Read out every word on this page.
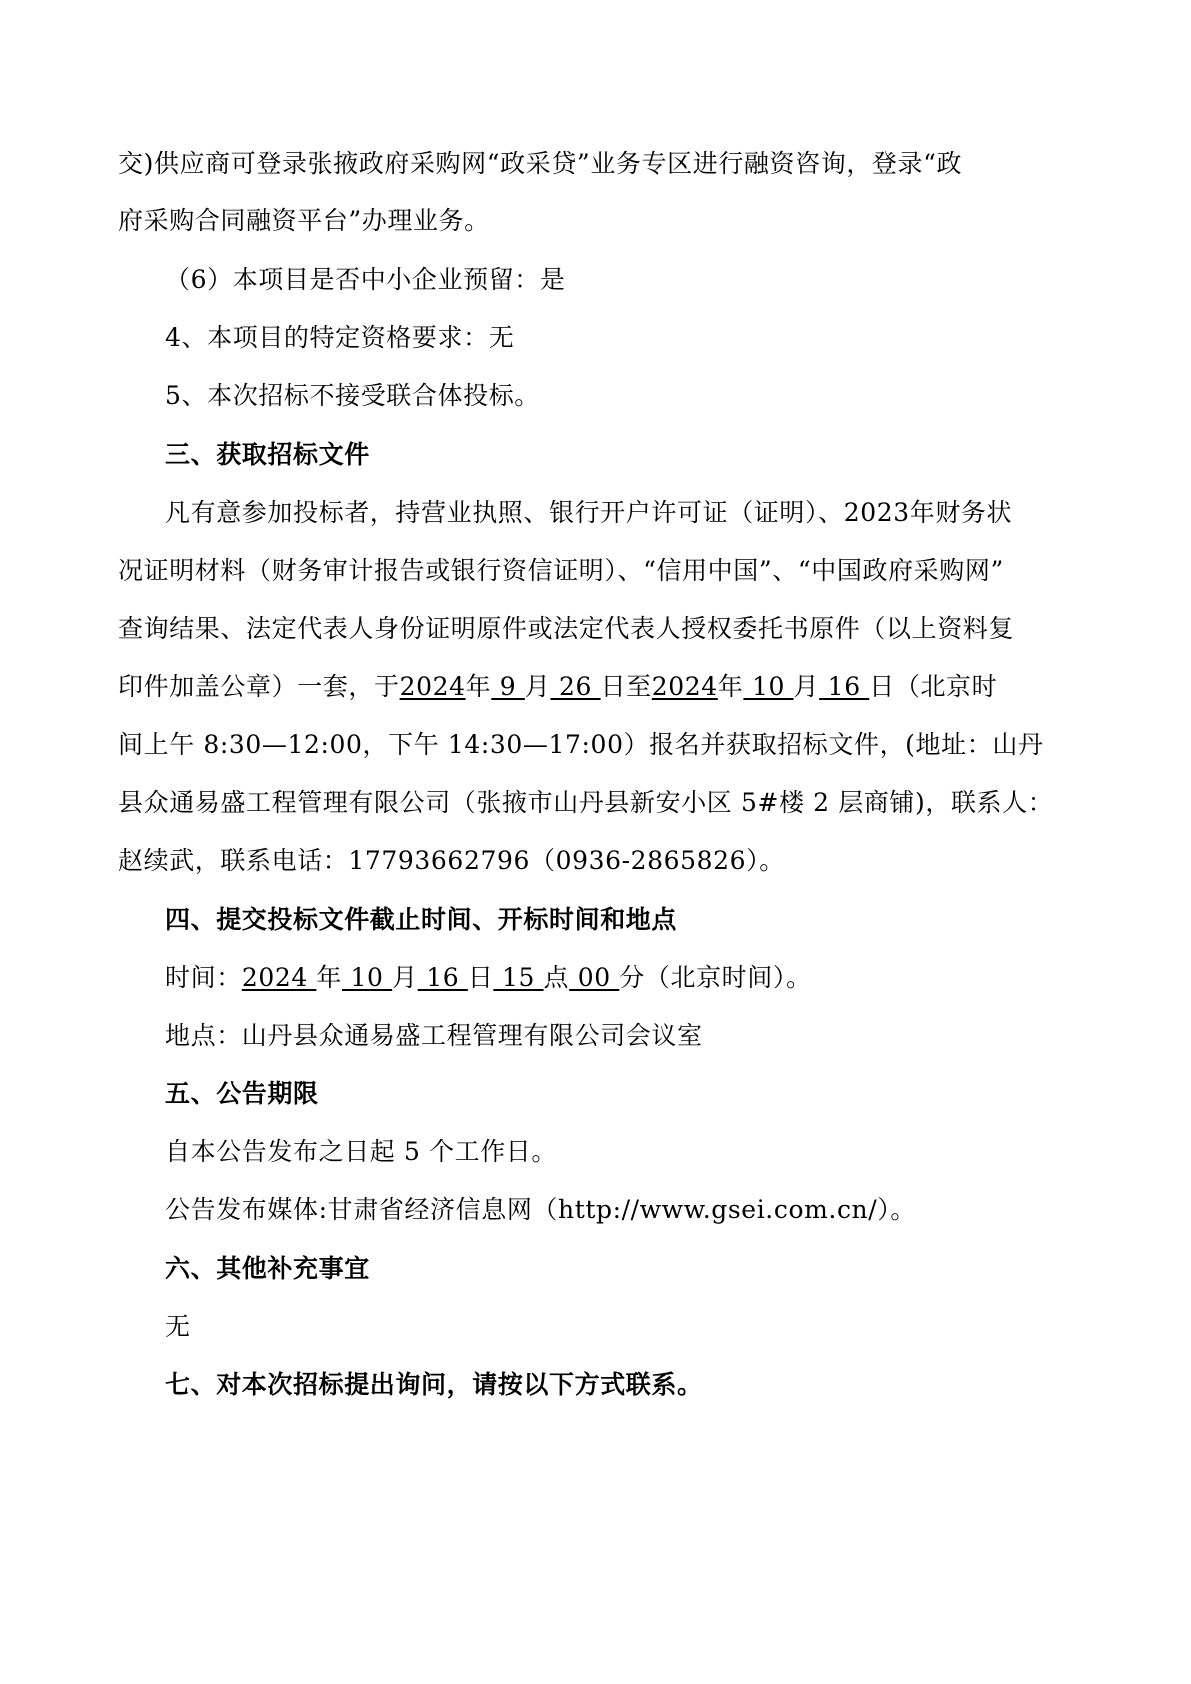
交)供应商可登录张掖政府采购网“政采贷”业务专区进行融资咨询，登录“政
府采购合同融资平台”办理业务。
（6）本项目是否中小企业预留：是
4、本项目的特定资格要求：无
5、本次招标不接受联合体投标。
三、获取招标文件
凡有意参加投标者，持营业执照、银行开户许可证（证明）、2023年财务状
况证明材料（财务审计报告或银行资信证明）、“信用中国”、“中国政府采购网”
查询结果、法定代表人身份证明原件或法定代表人授权委托书原件（以上资料复
印件加盖公章）一套，于2024年 9 月 26 日至2024年 10 月 16 日（北京时
间上午 8:30—12:00，下午 14:30—17:00）报名并获取招标文件，(地址：山丹
县众通易盛工程管理有限公司（张掖市山丹县新安小区 5#楼 2 层商铺)，联系人：
赵续武，联系电话：17793662796（0936-2865826）。
四、提交投标文件截止时间、开标时间和地点
时间：2024 年 10 月 16 日 15 点 00 分（北京时间）。
地点：山丹县众通易盛工程管理有限公司会议室
五、公告期限
自本公告发布之日起 5 个工作日。
公告发布媒体:甘肃省经济信息网（http://www.gsei.com.cn/）。
六、其他补充事宜
无
七、对本次招标提出询问，请按以下方式联系。
